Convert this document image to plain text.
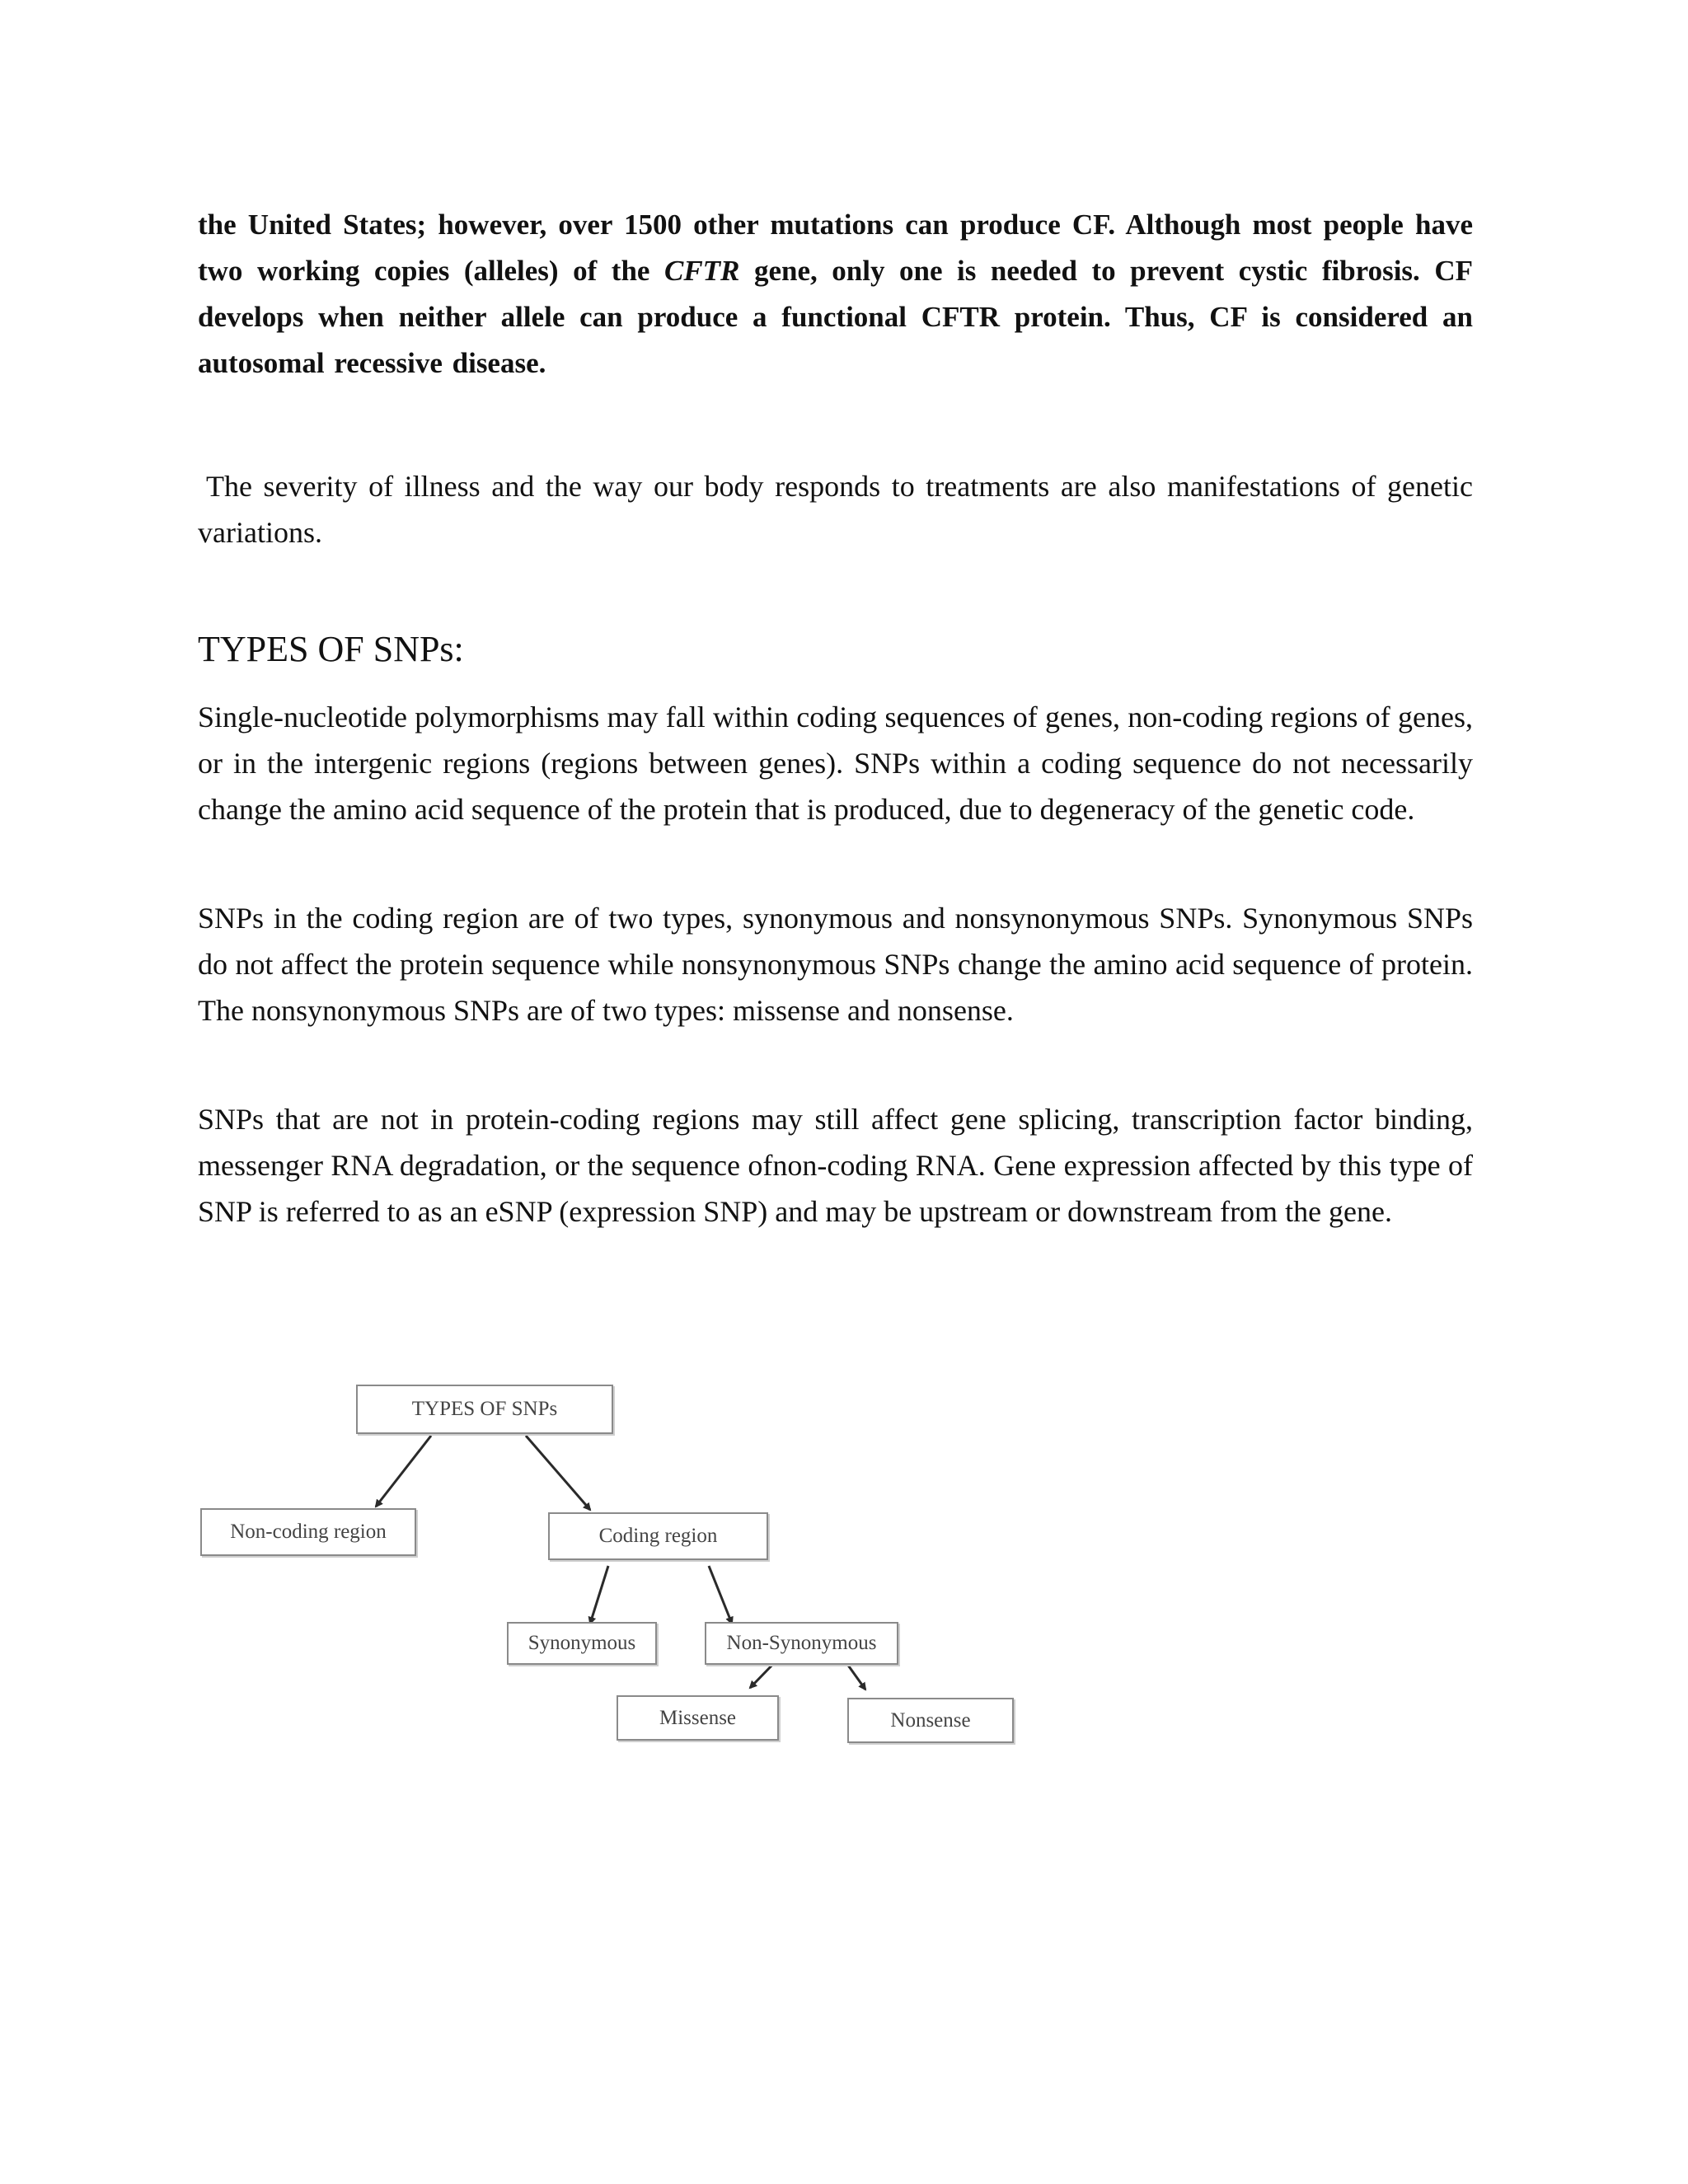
the United States; however, over 1500 other mutations can produce CF. Although most people have two working copies (alleles) of the CFTR gene, only one is needed to prevent cystic fibrosis. CF develops when neither allele can produce a functional CFTR protein. Thus, CF is considered an autosomal recessive disease.

The severity of illness and the way our body responds to treatments are also manifestations of genetic variations.

TYPES OF SNPs:

Single-nucleotide polymorphisms may fall within coding sequences of genes, non-coding regions of genes, or in the intergenic regions (regions between genes). SNPs within a coding sequence do not necessarily change the amino acid sequence of the protein that is produced, due to degeneracy of the genetic code.

SNPs in the coding region are of two types, synonymous and nonsynonymous SNPs. Synonymous SNPs do not affect the protein sequence while nonsynonymous SNPs change the amino acid sequence of protein. The nonsynonymous SNPs are of two types: missense and nonsense.

SNPs that are not in protein-coding regions may still affect gene splicing, transcription factor binding, messenger RNA degradation, or the sequence ofnon-coding RNA. Gene expression affected by this type of SNP is referred to as an eSNP (expression SNP) and may be upstream or downstream from the gene.

TYPES OF SNPs
Non-coding region	Coding region
Synonymous	Non-Synonymous
Missense	Nonsense
